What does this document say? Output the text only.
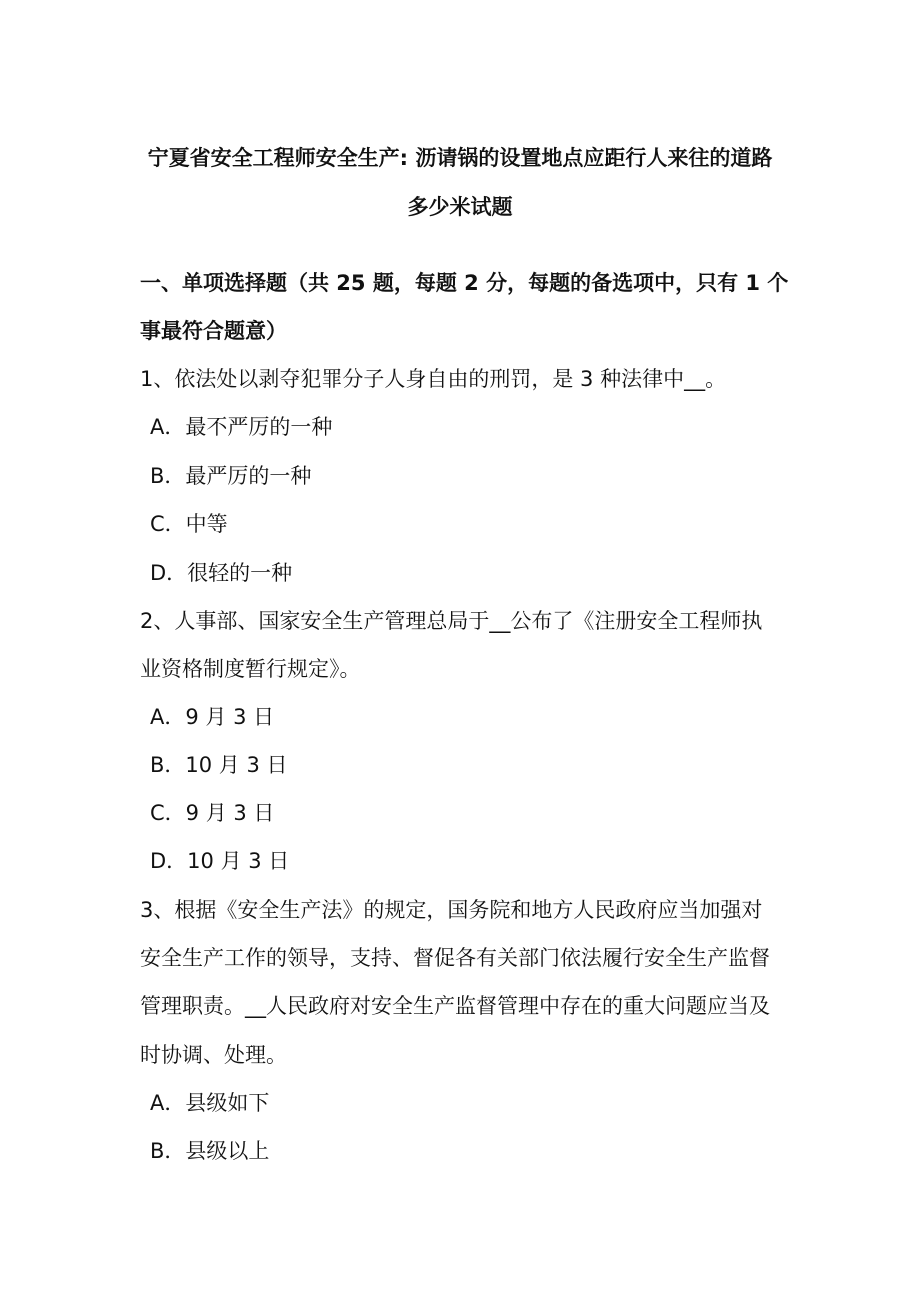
宁夏省安全工程师安全生产: 沥请锅的设置地点应距行人来往的道路
多少米试题
一、单项选择题（共 25 题，每题 2 分，每题的备选项中，只有 1 个
事最符合题意）
1、依法处以剥夺犯罪分子人身自由的刑罚，是 3 种法律中__。
A．最不严厉的一种
B．最严厉的一种
C．中等
D．很轻的一种
2、人事部、国家安全生产管理总局于__公布了《注册安全工程师执
业资格制度暂行规定》。
A．9 月 3 日
B．10 月 3 日
C．9 月 3 日
D．10 月 3 日
3、根据《安全生产法》的规定，国务院和地方人民政府应当加强对
安全生产工作的领导，支持、督促各有关部门依法履行安全生产监督
管理职责。__人民政府对安全生产监督管理中存在的重大问题应当及
时协调、处理。
A．县级如下
B．县级以上
